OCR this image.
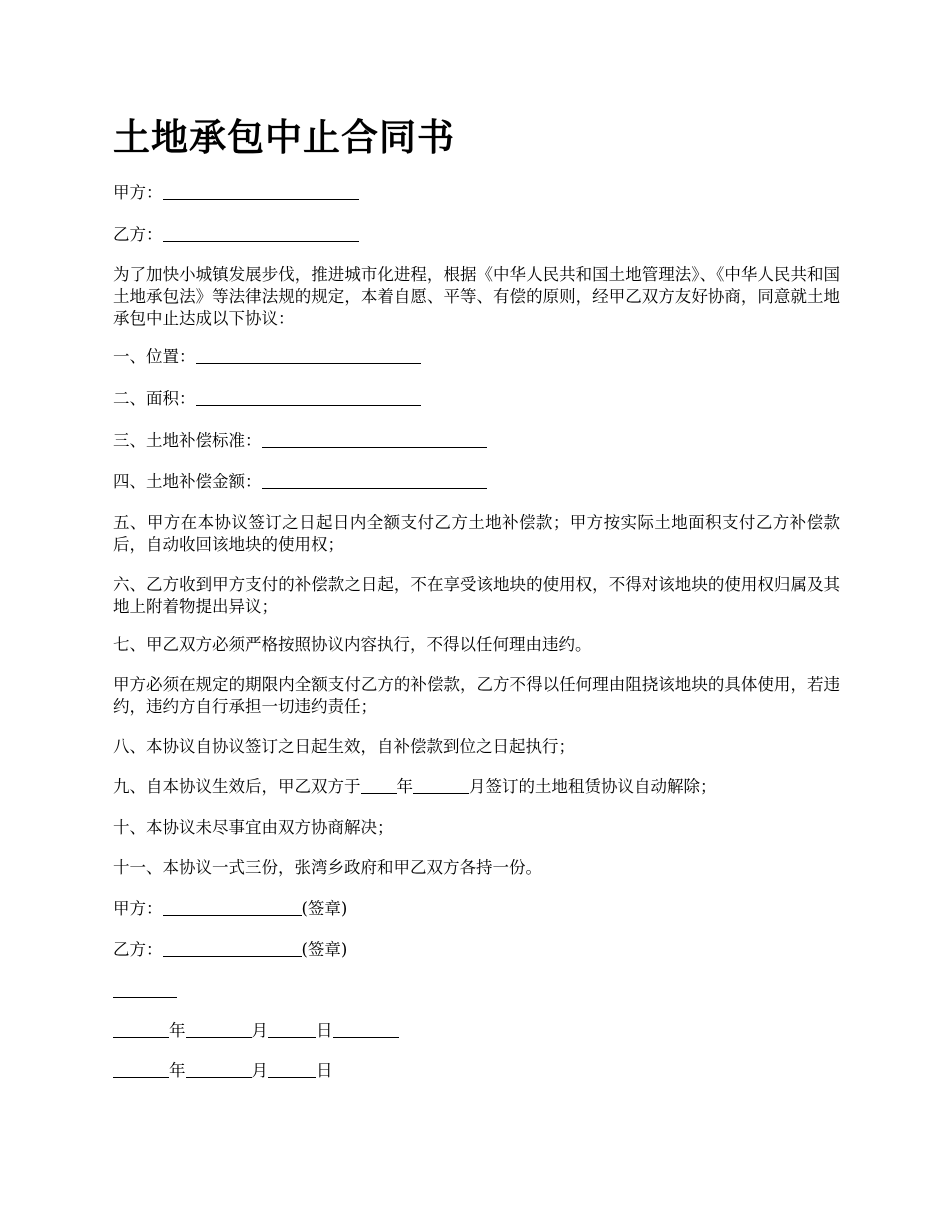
土地承包中止合同书
甲方：
乙方：
为了加快小城镇发展步伐，推进城市化进程，根据《中华人民共和国土地管理法》、《中华人民共和国土地承包法》等法律法规的规定，本着自愿、平等、有偿的原则，经甲乙双方友好协商，同意就土地承包中止达成以下协议：
一、位置：
二、面积：
三、土地补偿标准：
四、土地补偿金额：
五、甲方在本协议签订之日起日内全额支付乙方土地补偿款；甲方按实际土地面积支付乙方补偿款后，自动收回该地块的使用权；
六、乙方收到甲方支付的补偿款之日起，不在享受该地块的使用权，不得对该地块的使用权归属及其地上附着物提出异议；
七、甲乙双方必须严格按照协议内容执行，不得以任何理由违约。
甲方必须在规定的期限内全额支付乙方的补偿款，乙方不得以任何理由阻挠该地块的具体使用，若违约，违约方自行承担一切违约责任；
八、本协议自协议签订之日起生效，自补偿款到位之日起执行；
九、自本协议生效后，甲乙双方于 年	月签订的土地租赁协议自动解除；
十、本协议未尽事宜由双方协商解决；
十一、本协议一式三份，张湾乡政府和甲乙双方各持一份。
甲方：	(签章)
乙方：	(签章)
年	月	日
年	月	日
